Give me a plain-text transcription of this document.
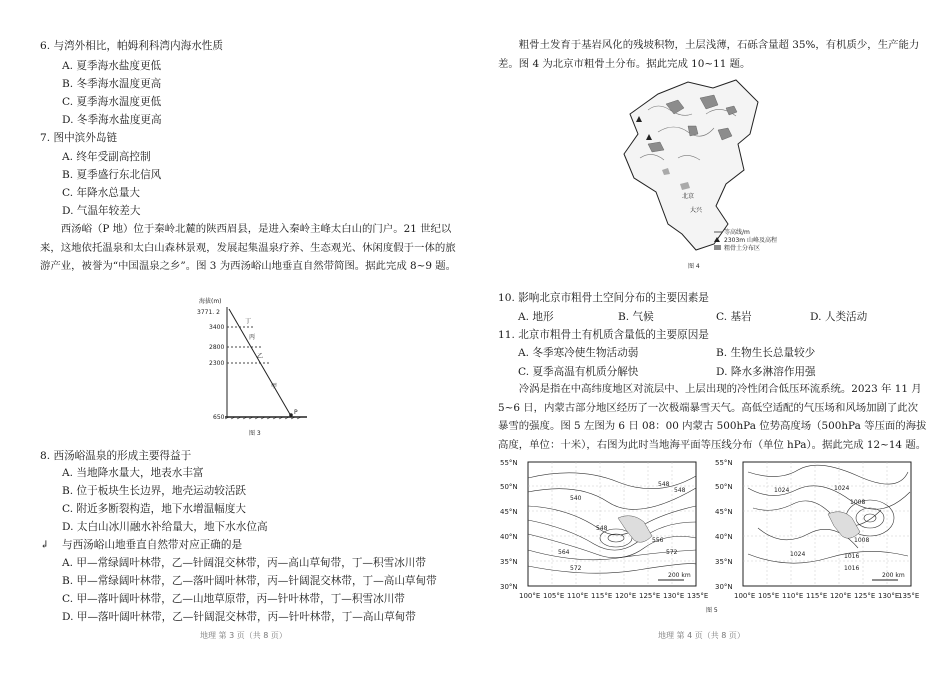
6. 与湾外相比，帕姆利科湾内海水性质
A. 夏季海水盐度更低
B. 冬季海水温度更高
C. 夏季海水温度更低
D. 冬季海水盐度更高
7. 图中滨外岛链
A. 终年受副高控制
B. 夏季盛行东北信风
C. 年降水总量大
D. 气温年较差大
西汤峪（P 地）位于秦岭北麓的陕西眉县，是进入秦岭主峰太白山的门户。21 世纪以来，这地依托温泉和太白山森林景观，发展起集温泉疗养、生态观光、休闲度假于一体的旅游产业，被誉为“中国温泉之乡”。图 3 为西汤峪山地垂直自然带简图。据此完成 8~9 题。
海拔(m)
3771. 2
3400
2800
2300
650
丁
丙
乙
甲
P
图 3
8. 西汤峪温泉的形成主要得益于
A. 当地降水量大，地表水丰富
B. 位于板块生长边界，地壳运动较活跃
C. 附近多断裂构造，地下水增温幅度大
D. 太白山冰川融水补给量大，地下水水位高
↲ 与西汤峪山地垂直自然带对应正确的是
A. 甲—常绿阔叶林带，乙—针阔混交林带，丙—高山草甸带，丁—积雪冰川带
B. 甲—常绿阔叶林带，乙—落叶阔叶林带，丙—针阔混交林带，丁—高山草甸带
C. 甲—落叶阔叶林带，乙—山地草原带，丙—针叶林带，丁—积雪冰川带
D. 甲—落叶阔叶林带，乙—针阔混交林带，丙—针叶林带，丁—高山草甸带
地理 第 3 页（共 8 页）
粗骨土发育于基岩风化的残坡积物，土层浅薄，石砾含量超 35%，有机质少，生产能力差。图 4 为北京市粗骨土分布。据此完成 10~11 题。
北京
大兴
等高线/m
2303m 山峰及高程
粗骨土分布区
图 4
10. 影响北京市粗骨土空间分布的主要因素是
A. 地形	B. 气候	C. 基岩	D. 人类活动
11. 北京市粗骨土有机质含量低的主要原因是
A. 冬季寒冷使生物活动弱	B. 生物生长总量较少
C. 夏季高温有机质分解快	D. 降水多淋溶作用强
冷涡是指在中高纬度地区对流层中、上层出现的冷性闭合低压环流系统。2023 年 11 月 5~6 日，内蒙古部分地区经历了一次极端暴雪天气。高低空适配的气压场和风场加剧了此次暴雪的强度。图 5 左图为 6 日 08：00 内蒙古 500hPa 位势高度场（500hPa 等压面的海拔高度，单位：十米），右图为此时当地海平面等压线分布（单位 hPa）。据此完成 12~14 题。
540
548
548
564
572
572
556
548
200 km
1024	1024
1008
1008
1016
1024
1016
200 km
55°N
50°N
45°N
40°N
35°N
30°N
55°N
50°N
45°N
40°N
35°N
30°N
100°E 105°E 110°E 115°E 120°E 125°E 130°E 135°E	100°E 105°E 110°E 115°E 120°E 125°E 130°E
135°E
图 5
地理 第 4 页（共 8 页）
